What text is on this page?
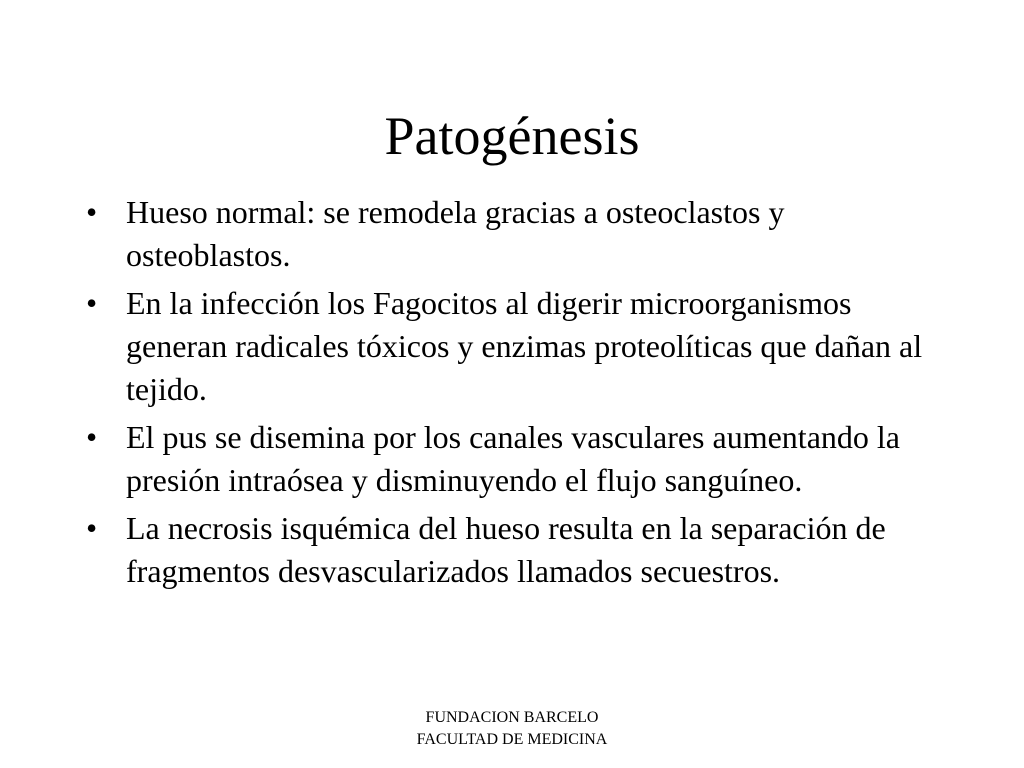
Patogénesis
• Hueso normal: se remodela gracias a osteoclastos y osteoblastos.
• En la infección los Fagocitos al digerir microorganismos generan radicales tóxicos y enzimas proteolíticas que dañan al tejido.
• El pus se disemina por los canales vasculares aumentando la presión intraósea y disminuyendo el flujo sanguíneo.
• La necrosis isquémica del hueso resulta en la separación de fragmentos desvascularizados llamados secuestros.
FUNDACION BARCELO
FACULTAD DE MEDICINA
